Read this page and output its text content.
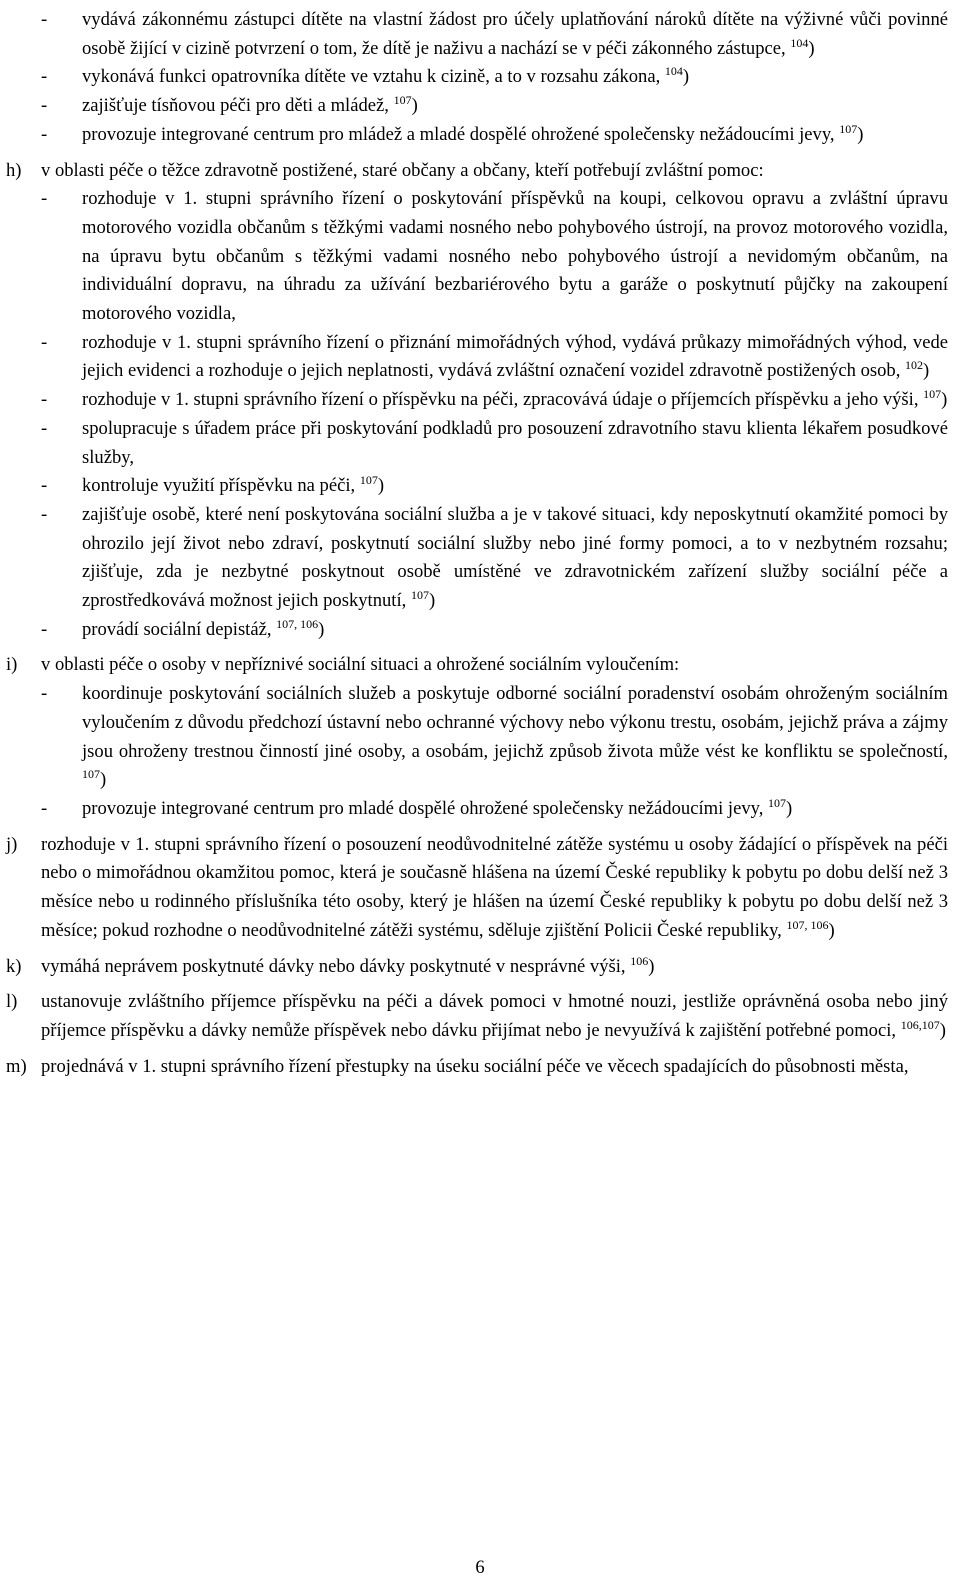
- vydává zákonnému zástupci dítěte na vlastní žádost pro účely uplatňování nároků dítěte na výživné vůči povinné osobě žijící v cizině potvrzení o tom, že dítě je naživu a nachází se v péči zákonného zástupce, $^{104}$)
- vykonává funkci opatrovníka dítěte ve vztahu k cizině, a to v rozsahu zákona, $^{104}$)
- zajišťuje tísňovou péči pro děti a mládež, $^{107}$)
- provozuje integrované centrum pro mládež a mladé dospělé ohrožené společensky nežádoucími jevy, $^{107}$)
h) v oblasti péče o těžce zdravotně postižené, staré občany a občany, kteří potřebují zvláštní pomoc:
- rozhoduje v 1. stupni správního řízení o poskytování příspěvků na koupi, celkovou opravu a zvláštní úpravu motorového vozidla občanům s těžkými vadami nosného nebo pohybového ústrojí, na provoz motorového vozidla, na úpravu bytu občanům s těžkými vadami nosného nebo pohybového ústrojí a nevidomým občanům, na individuální dopravu, na úhradu za užívání bezbariérového bytu a garáže o poskytnutí půjčky na zakoupení motorového vozidla,
- rozhoduje v 1. stupni správního řízení o přiznání mimořádných výhod, vydává průkazy mimořádných výhod, vede jejich evidenci a rozhoduje o jejich neplatnosti, vydává zvláštní označení vozidel zdravotně postižených osob, $^{102}$)
- rozhoduje v 1. stupni správního řízení o příspěvku na péči, zpracovává údaje o příjemcích příspěvku a jeho výši, $^{107}$)
- spolupracuje s úřadem práce při poskytování podkladů pro posouzení zdravotního stavu klienta lékařem posudkové služby,
- kontroluje využití příspěvku na péči, $^{107}$)
- zajišťuje osobě, které není poskytována sociální služba a je v takové situaci, kdy neposkytnutí okamžité pomoci by ohrozilo její život nebo zdraví, poskytnutí sociální služby nebo jiné formy pomoci, a to v nezbytném rozsahu; zjišťuje, zda je nezbytné poskytnout osobě umístěné ve zdravotnickém zařízení služby sociální péče a zprostředkovává možnost jejich poskytnutí, $^{107}$)
- provádí sociální depistáž, $^{107, 106}$)
i) v oblasti péče o osoby v nepříznivé sociální situaci a ohrožené sociálním vyloučením:
- koordinuje poskytování sociálních služeb a poskytuje odborné sociální poradenství osobám ohroženým sociálním vyloučením z důvodu předchozí ústavní nebo ochranné výchovy nebo výkonu trestu, osobám, jejichž práva a zájmy jsou ohroženy trestnou činností jiné osoby, a osobám, jejichž způsob života může vést ke konfliktu se společností, $^{107}$)
- provozuje integrované centrum pro mladé dospělé ohrožené společensky nežádoucími jevy, $^{107}$)
j) rozhoduje v 1. stupni správního řízení o posouzení neodůvodnitelné zátěže systému u osoby žádající o příspěvek na péči nebo o mimořádnou okamžitou pomoc, která je současně hlášena na území České republiky k pobytu po dobu delší než 3 měsíce nebo u rodinného příslušníka této osoby, který je hlášen na území České republiky k pobytu po dobu delší než 3 měsíce; pokud rozhodne o neodůvodnitelné zátěži systému, sděluje zjištění Policii České republiky, $^{107, 106}$)
k) vymáhá neprávem poskytnuté dávky nebo dávky poskytnuté v nesprávné výši, $^{106}$)
l) ustanovuje zvláštního příjemce příspěvku na péči a dávek pomoci v hmotné nouzi, jestliže oprávněná osoba nebo jiný příjemce příspěvku a dávky nemůže příspěvek nebo dávku přijímat nebo je nevyužívá k zajištění potřebné pomoci, $^{106,107}$)
m) projednává v 1. stupni správního řízení přestupky na úseku sociální péče ve věcech spadajících do působnosti města,
6
